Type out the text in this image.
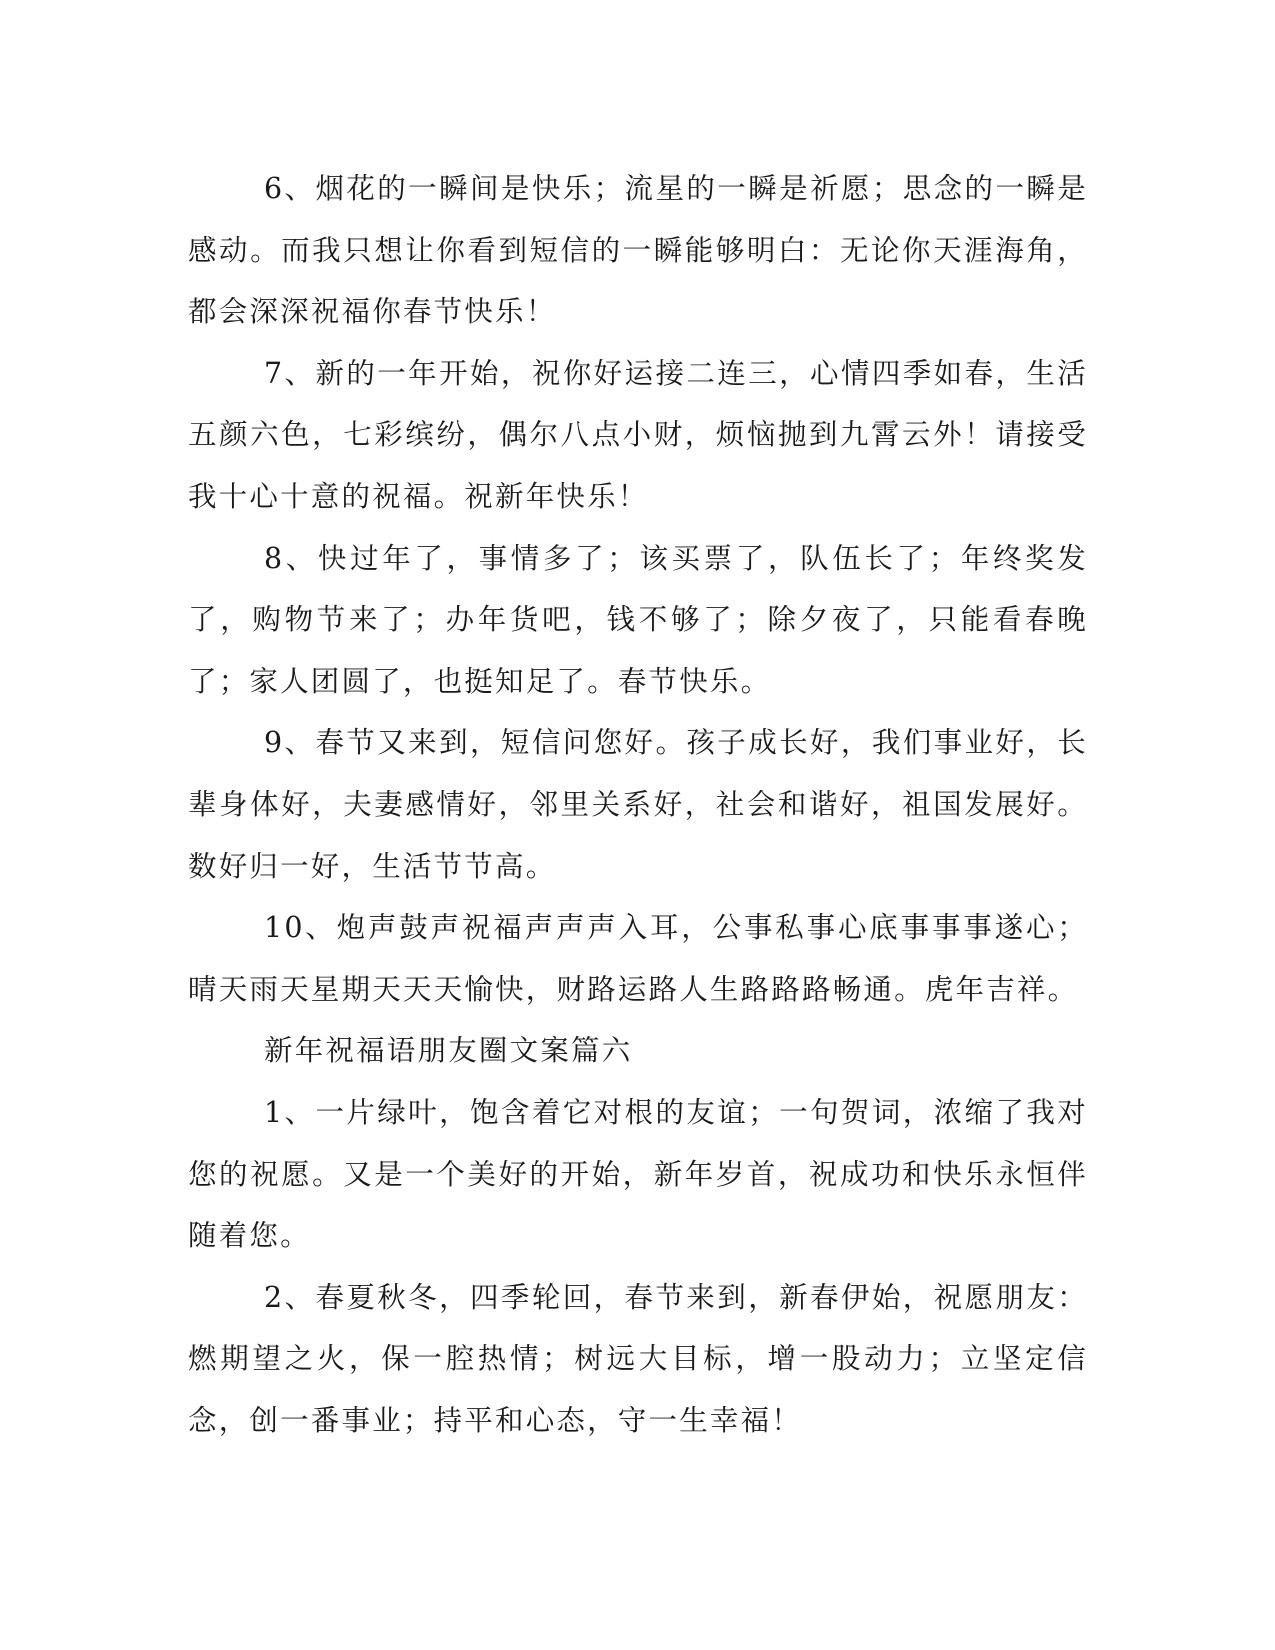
6、烟花的一瞬间是快乐；流星的一瞬是祈愿；思念的一瞬是感动。而我只想让你看到短信的一瞬能够明白：无论你天涯海角，都会深深祝福你春节快乐！

7、新的一年开始，祝你好运接二连三，心情四季如春，生活五颜六色，七彩缤纷，偶尔八点小财，烦恼抛到九霄云外！请接受我十心十意的祝福。祝新年快乐！

8、快过年了，事情多了；该买票了，队伍长了；年终奖发了，购物节来了；办年货吧，钱不够了；除夕夜了，只能看春晚了；家人团圆了，也挺知足了。春节快乐。

9、春节又来到，短信问您好。孩子成长好，我们事业好，长辈身体好，夫妻感情好，邻里关系好，社会和谐好，祖国发展好。数好归一好，生活节节高。

10、炮声鼓声祝福声声声入耳，公事私事心底事事事遂心；晴天雨天星期天天天愉快，财路运路人生路路路畅通。虎年吉祥。

新年祝福语朋友圈文案篇六

1、一片绿叶，饱含着它对根的友谊；一句贺词，浓缩了我对您的祝愿。又是一个美好的开始，新年岁首，祝成功和快乐永恒伴随着您。

2、春夏秋冬，四季轮回，春节来到，新春伊始，祝愿朋友：燃期望之火，保一腔热情；树远大目标，增一股动力；立坚定信念，创一番事业；持平和心态，守一生幸福！
